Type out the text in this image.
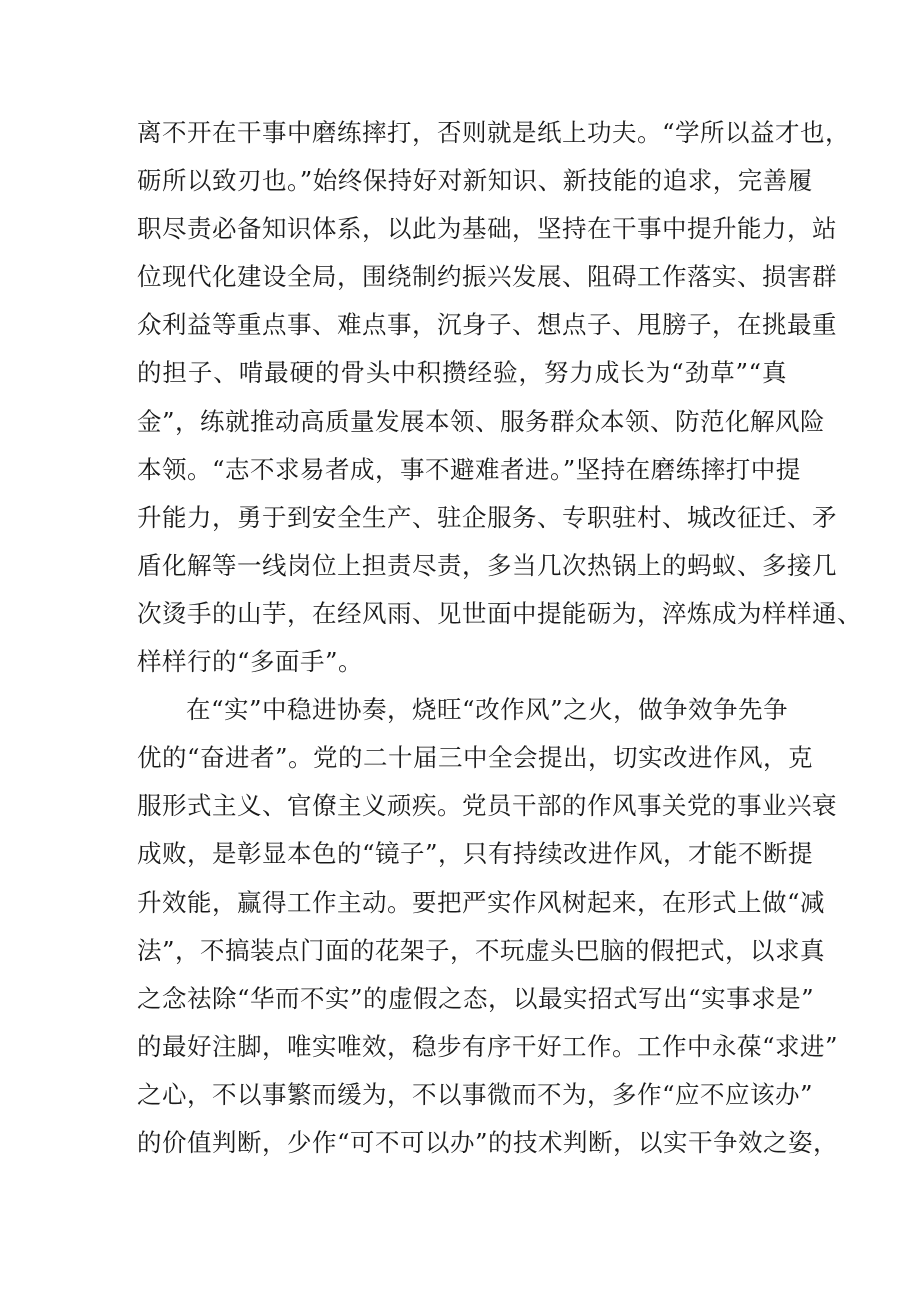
离不开在干事中磨练摔打，否则就是纸上功夫。“学所以益才也，
砺所以致刃也。”始终保持好对新知识、新技能的追求，完善履
职尽责必备知识体系，以此为基础，坚持在干事中提升能力，站
位现代化建设全局，围绕制约振兴发展、阻碍工作落实、损害群
众利益等重点事、难点事，沉身子、想点子、甩膀子，在挑最重
的担子、啃最硬的骨头中积攒经验，努力成长为“劲草”“真
金”，练就推动高质量发展本领、服务群众本领、防范化解风险
本领。“志不求易者成，事不避难者进。”坚持在磨练摔打中提
升能力，勇于到安全生产、驻企服务、专职驻村、城改征迁、矛
盾化解等一线岗位上担责尽责，多当几次热锅上的蚂蚁、多接几
次烫手的山芋，在经风雨、见世面中提能砺为，淬炼成为样样通、
样样行的“多面手”。
在“实”中稳进协奏，烧旺“改作风”之火，做争效争先争
优的“奋进者”。党的二十届三中全会提出，切实改进作风，克
服形式主义、官僚主义顽疾。党员干部的作风事关党的事业兴衰
成败，是彰显本色的“镜子”，只有持续改进作风，才能不断提
升效能，赢得工作主动。要把严实作风树起来，在形式上做“减
法”，不搞装点门面的花架子，不玩虚头巴脑的假把式，以求真
之念祛除“华而不实”的虚假之态，以最实招式写出“实事求是”
的最好注脚，唯实唯效，稳步有序干好工作。工作中永葆“求进”
之心，不以事繁而缓为，不以事微而不为，多作“应不应该办”
的价值判断，少作“可不可以办”的技术判断，以实干争效之姿，
